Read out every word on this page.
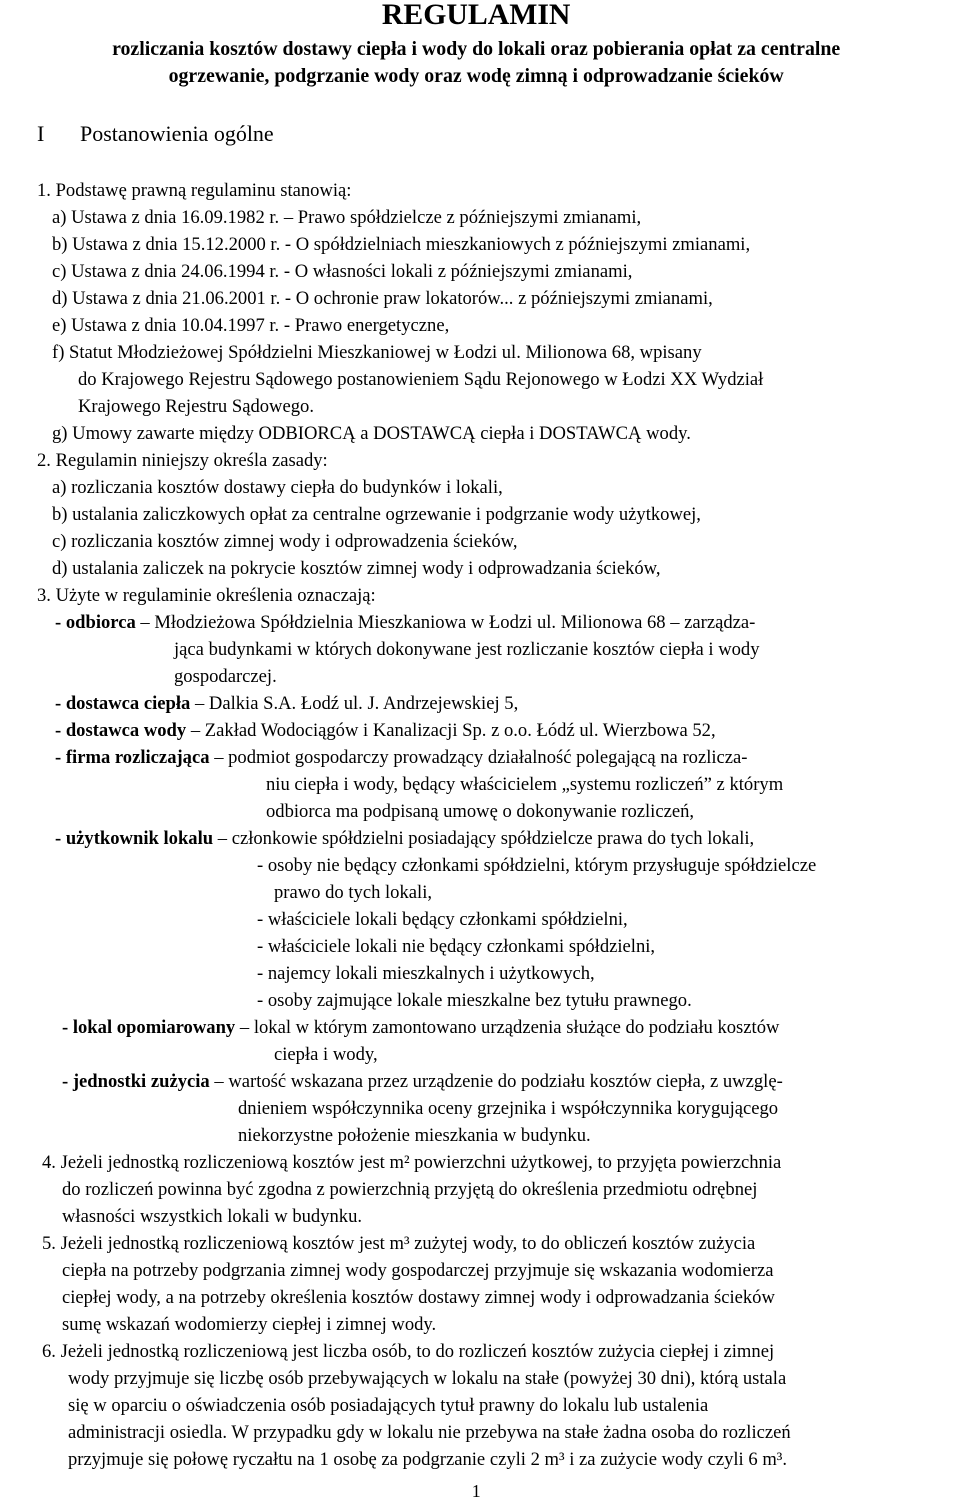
REGULAMIN
rozliczania kosztów dostawy ciepła i wody do lokali oraz pobierania opłat za centralne
ogrzewanie, podgrzanie wody oraz wodę zimną i odprowadzanie ścieków
I Postanowienia ogólne
1. Podstawę prawną regulaminu stanowią:
a) Ustawa z dnia 16.09.1982 r. – Prawo spółdzielcze z późniejszymi zmianami,
b) Ustawa z dnia 15.12.2000 r. - O spółdzielniach mieszkaniowych z późniejszymi zmianami,
c) Ustawa z dnia 24.06.1994 r. - O własności lokali z późniejszymi zmianami,
d) Ustawa z dnia 21.06.2001 r. - O ochronie praw lokatorów... z późniejszymi zmianami,
e) Ustawa z dnia 10.04.1997 r. - Prawo energetyczne,
f) Statut Młodzieżowej Spółdzielni Mieszkaniowej w Łodzi ul. Milionowa 68, wpisany
do Krajowego Rejestru Sądowego postanowieniem Sądu Rejonowego w Łodzi XX Wydział
Krajowego Rejestru Sądowego.
g) Umowy zawarte między ODBIORCĄ a DOSTAWCĄ ciepła i DOSTAWCĄ wody.
2. Regulamin niniejszy określa zasady:
a) rozliczania kosztów dostawy ciepła do budynków i lokali,
b) ustalania zaliczkowych opłat za centralne ogrzewanie i podgrzanie wody użytkowej,
c) rozliczania kosztów zimnej wody i odprowadzenia ścieków,
d) ustalania zaliczek na pokrycie kosztów zimnej wody i odprowadzania ścieków,
3. Użyte w regulaminie określenia oznaczają:
- odbiorca – Młodzieżowa Spółdzielnia Mieszkaniowa w Łodzi ul. Milionowa 68 – zarządza-
jąca budynkami w których dokonywane jest rozliczanie kosztów ciepła i wody
gospodarczej.
- dostawca ciepła – Dalkia S.A. Łodź ul. J. Andrzejewskiej 5,
- dostawca wody – Zakład Wodociągów i Kanalizacji Sp. z o.o. Łódź ul. Wierzbowa 52,
- firma rozliczająca – podmiot gospodarczy prowadzący działalność polegającą na rozlicza-
niu ciepła i wody, będący właścicielem „systemu rozliczeń” z którym
odbiorca ma podpisaną umowę o dokonywanie rozliczeń,
- użytkownik lokalu – członkowie spółdzielni posiadający spółdzielcze prawa do tych lokali,
- osoby nie będący członkami spółdzielni, którym przysługuje spółdzielcze
prawo do tych lokali,
- właściciele lokali będący członkami spółdzielni,
- właściciele lokali nie będący członkami spółdzielni,
- najemcy lokali mieszkalnych i użytkowych,
- osoby zajmujące lokale mieszkalne bez tytułu prawnego.
- lokal opomiarowany – lokal w którym zamontowano urządzenia służące do podziału kosztów
ciepła i wody,
- jednostki zużycia – wartość wskazana przez urządzenie do podziału kosztów ciepła, z uwzglę-
dnieniem współczynnika oceny grzejnika i współczynnika korygującego
niekorzystne położenie mieszkania w budynku.
4. Jeżeli jednostką rozliczeniową kosztów jest m² powierzchni użytkowej, to przyjęta powierzchnia
do rozliczeń powinna być zgodna z powierzchnią przyjętą do określenia przedmiotu odrębnej
własności wszystkich lokali w budynku.
5. Jeżeli jednostką rozliczeniową kosztów jest m³ zużytej wody, to do obliczeń kosztów zużycia
ciepła na potrzeby podgrzania zimnej wody gospodarczej przyjmuje się wskazania wodomierza
ciepłej wody, a na potrzeby określenia kosztów dostawy zimnej wody i odprowadzania ścieków
sumę wskazań wodomierzy ciepłej i zimnej wody.
6. Jeżeli jednostką rozliczeniową jest liczba osób, to do rozliczeń kosztów zużycia ciepłej i zimnej
wody przyjmuje się liczbę osób przebywających w lokalu na stałe (powyżej 30 dni), którą ustala
się w oparciu o oświadczenia osób posiadających tytuł prawny do lokalu lub ustalenia
administracji osiedla. W przypadku gdy w lokalu nie przebywa na stałe żadna osoba do rozliczeń
przyjmuje się połowę ryczałtu na 1 osobę za podgrzanie czyli 2 m³ i za zużycie wody czyli 6 m³.
1
